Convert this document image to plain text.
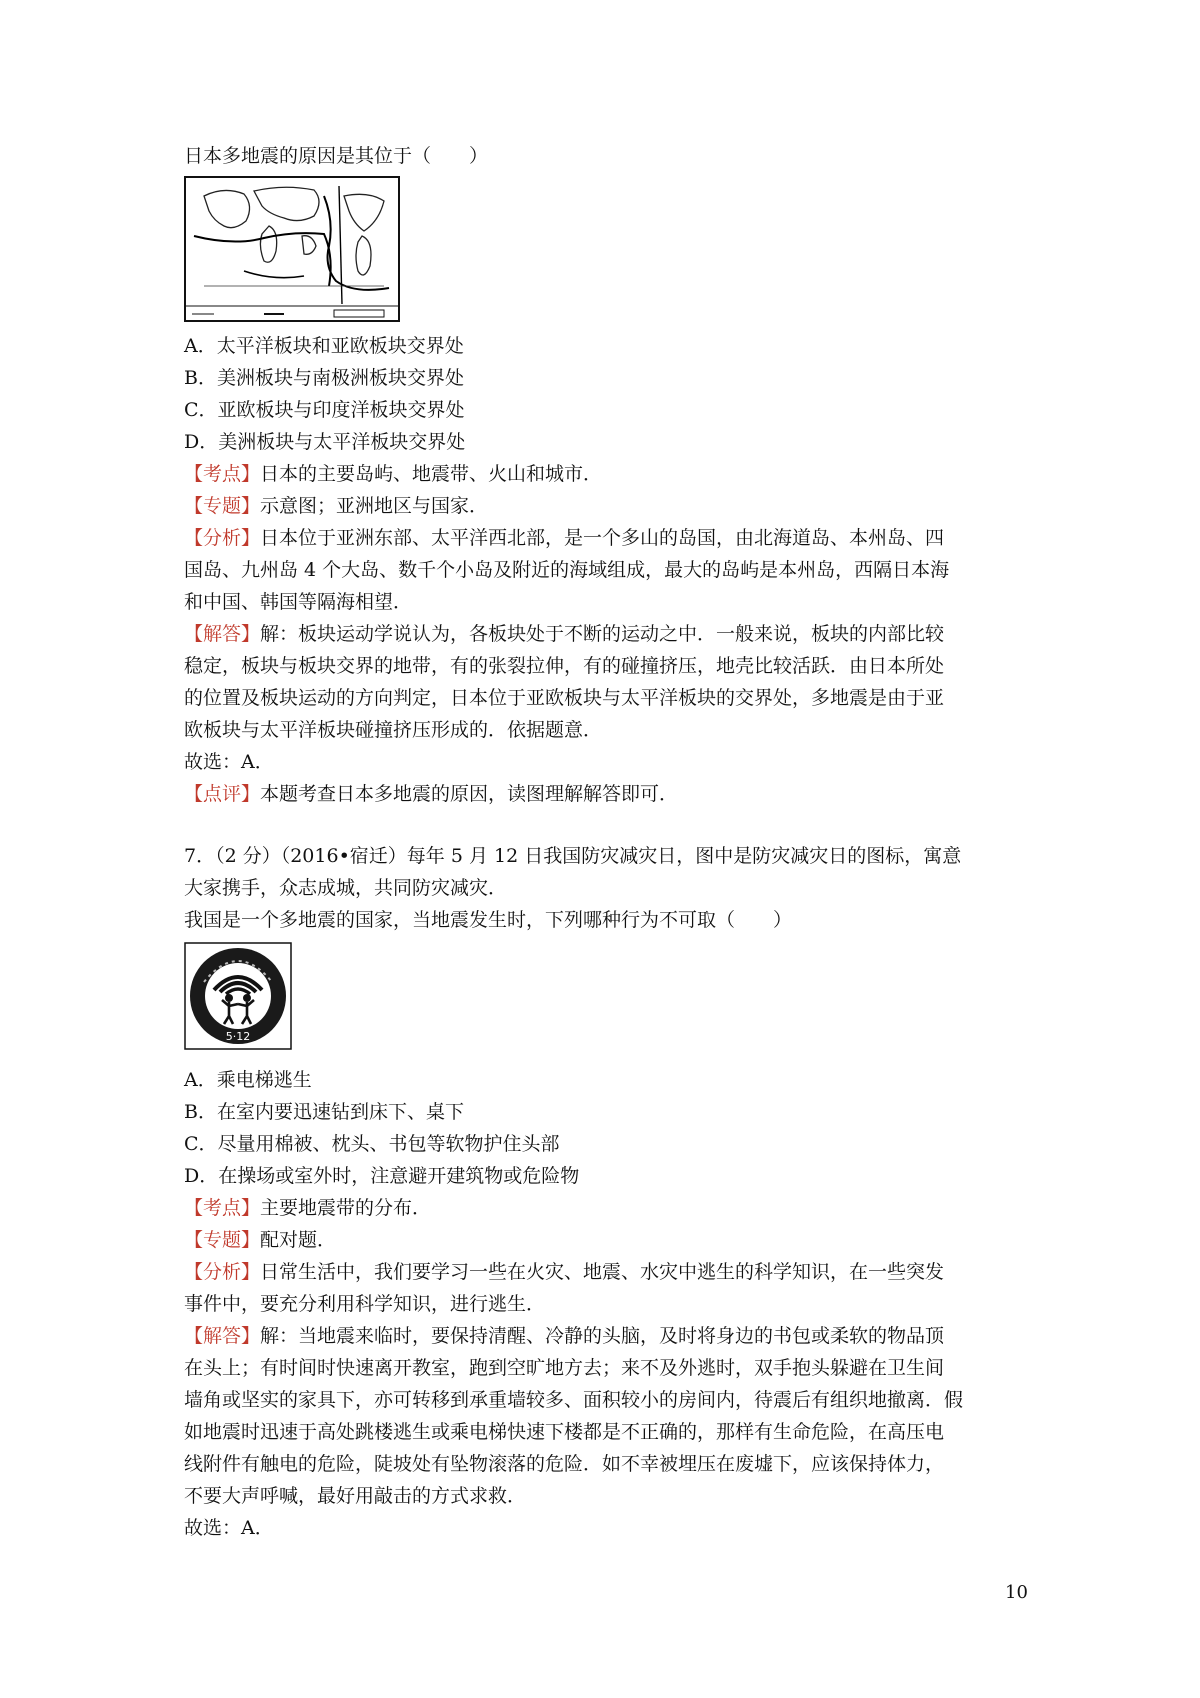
日本多地震的原因是其位于（　　）
A．太平洋板块和亚欧板块交界处
B．美洲板块与南极洲板块交界处
C．亚欧板块与印度洋板块交界处
D．美洲板块与太平洋板块交界处
【考点】日本的主要岛屿、地震带、火山和城市．
【专题】示意图；亚洲地区与国家．
【分析】日本位于亚洲东部、太平洋西北部，是一个多山的岛国，由北海道岛、本州岛、四
国岛、九州岛 4 个大岛、数千个小岛及附近的海域组成，最大的岛屿是本州岛，西隔日本海
和中国、韩国等隔海相望．
【解答】解：板块运动学说认为，各板块处于不断的运动之中．一般来说，板块的内部比较
稳定，板块与板块交界的地带，有的张裂拉伸，有的碰撞挤压，地壳比较活跃．由日本所处
的位置及板块运动的方向判定，日本位于亚欧板块与太平洋板块的交界处，多地震是由于亚
欧板块与太平洋板块碰撞挤压形成的．依据题意．
故选：A．
【点评】本题考查日本多地震的原因，读图理解解答即可．
7．（2 分）（2016•宿迁）每年 5 月 12 日我国防灾减灾日，图中是防灾减灾日的图标，寓意
大家携手，众志成城，共同防灾减灾．
我国是一个多地震的国家，当地震发生时，下列哪种行为不可取（　　）
5·12
A．乘电梯逃生
B．在室内要迅速钻到床下、桌下
C．尽量用棉被、枕头、书包等软物护住头部
D．在操场或室外时，注意避开建筑物或危险物
【考点】主要地震带的分布．
【专题】配对题．
【分析】日常生活中，我们要学习一些在火灾、地震、水灾中逃生的科学知识，在一些突发
事件中，要充分利用科学知识，进行逃生．
【解答】解：当地震来临时，要保持清醒、冷静的头脑，及时将身边的书包或柔软的物品顶
在头上；有时间时快速离开教室，跑到空旷地方去；来不及外逃时，双手抱头躲避在卫生间
墙角或坚实的家具下，亦可转移到承重墙较多、面积较小的房间内，待震后有组织地撤离．假
如地震时迅速于高处跳楼逃生或乘电梯快速下楼都是不正确的，那样有生命危险，在高压电
线附件有触电的危险，陡坡处有坠物滚落的危险．如不幸被埋压在废墟下，应该保持体力，
不要大声呼喊，最好用敲击的方式求救．
故选：A．
10
